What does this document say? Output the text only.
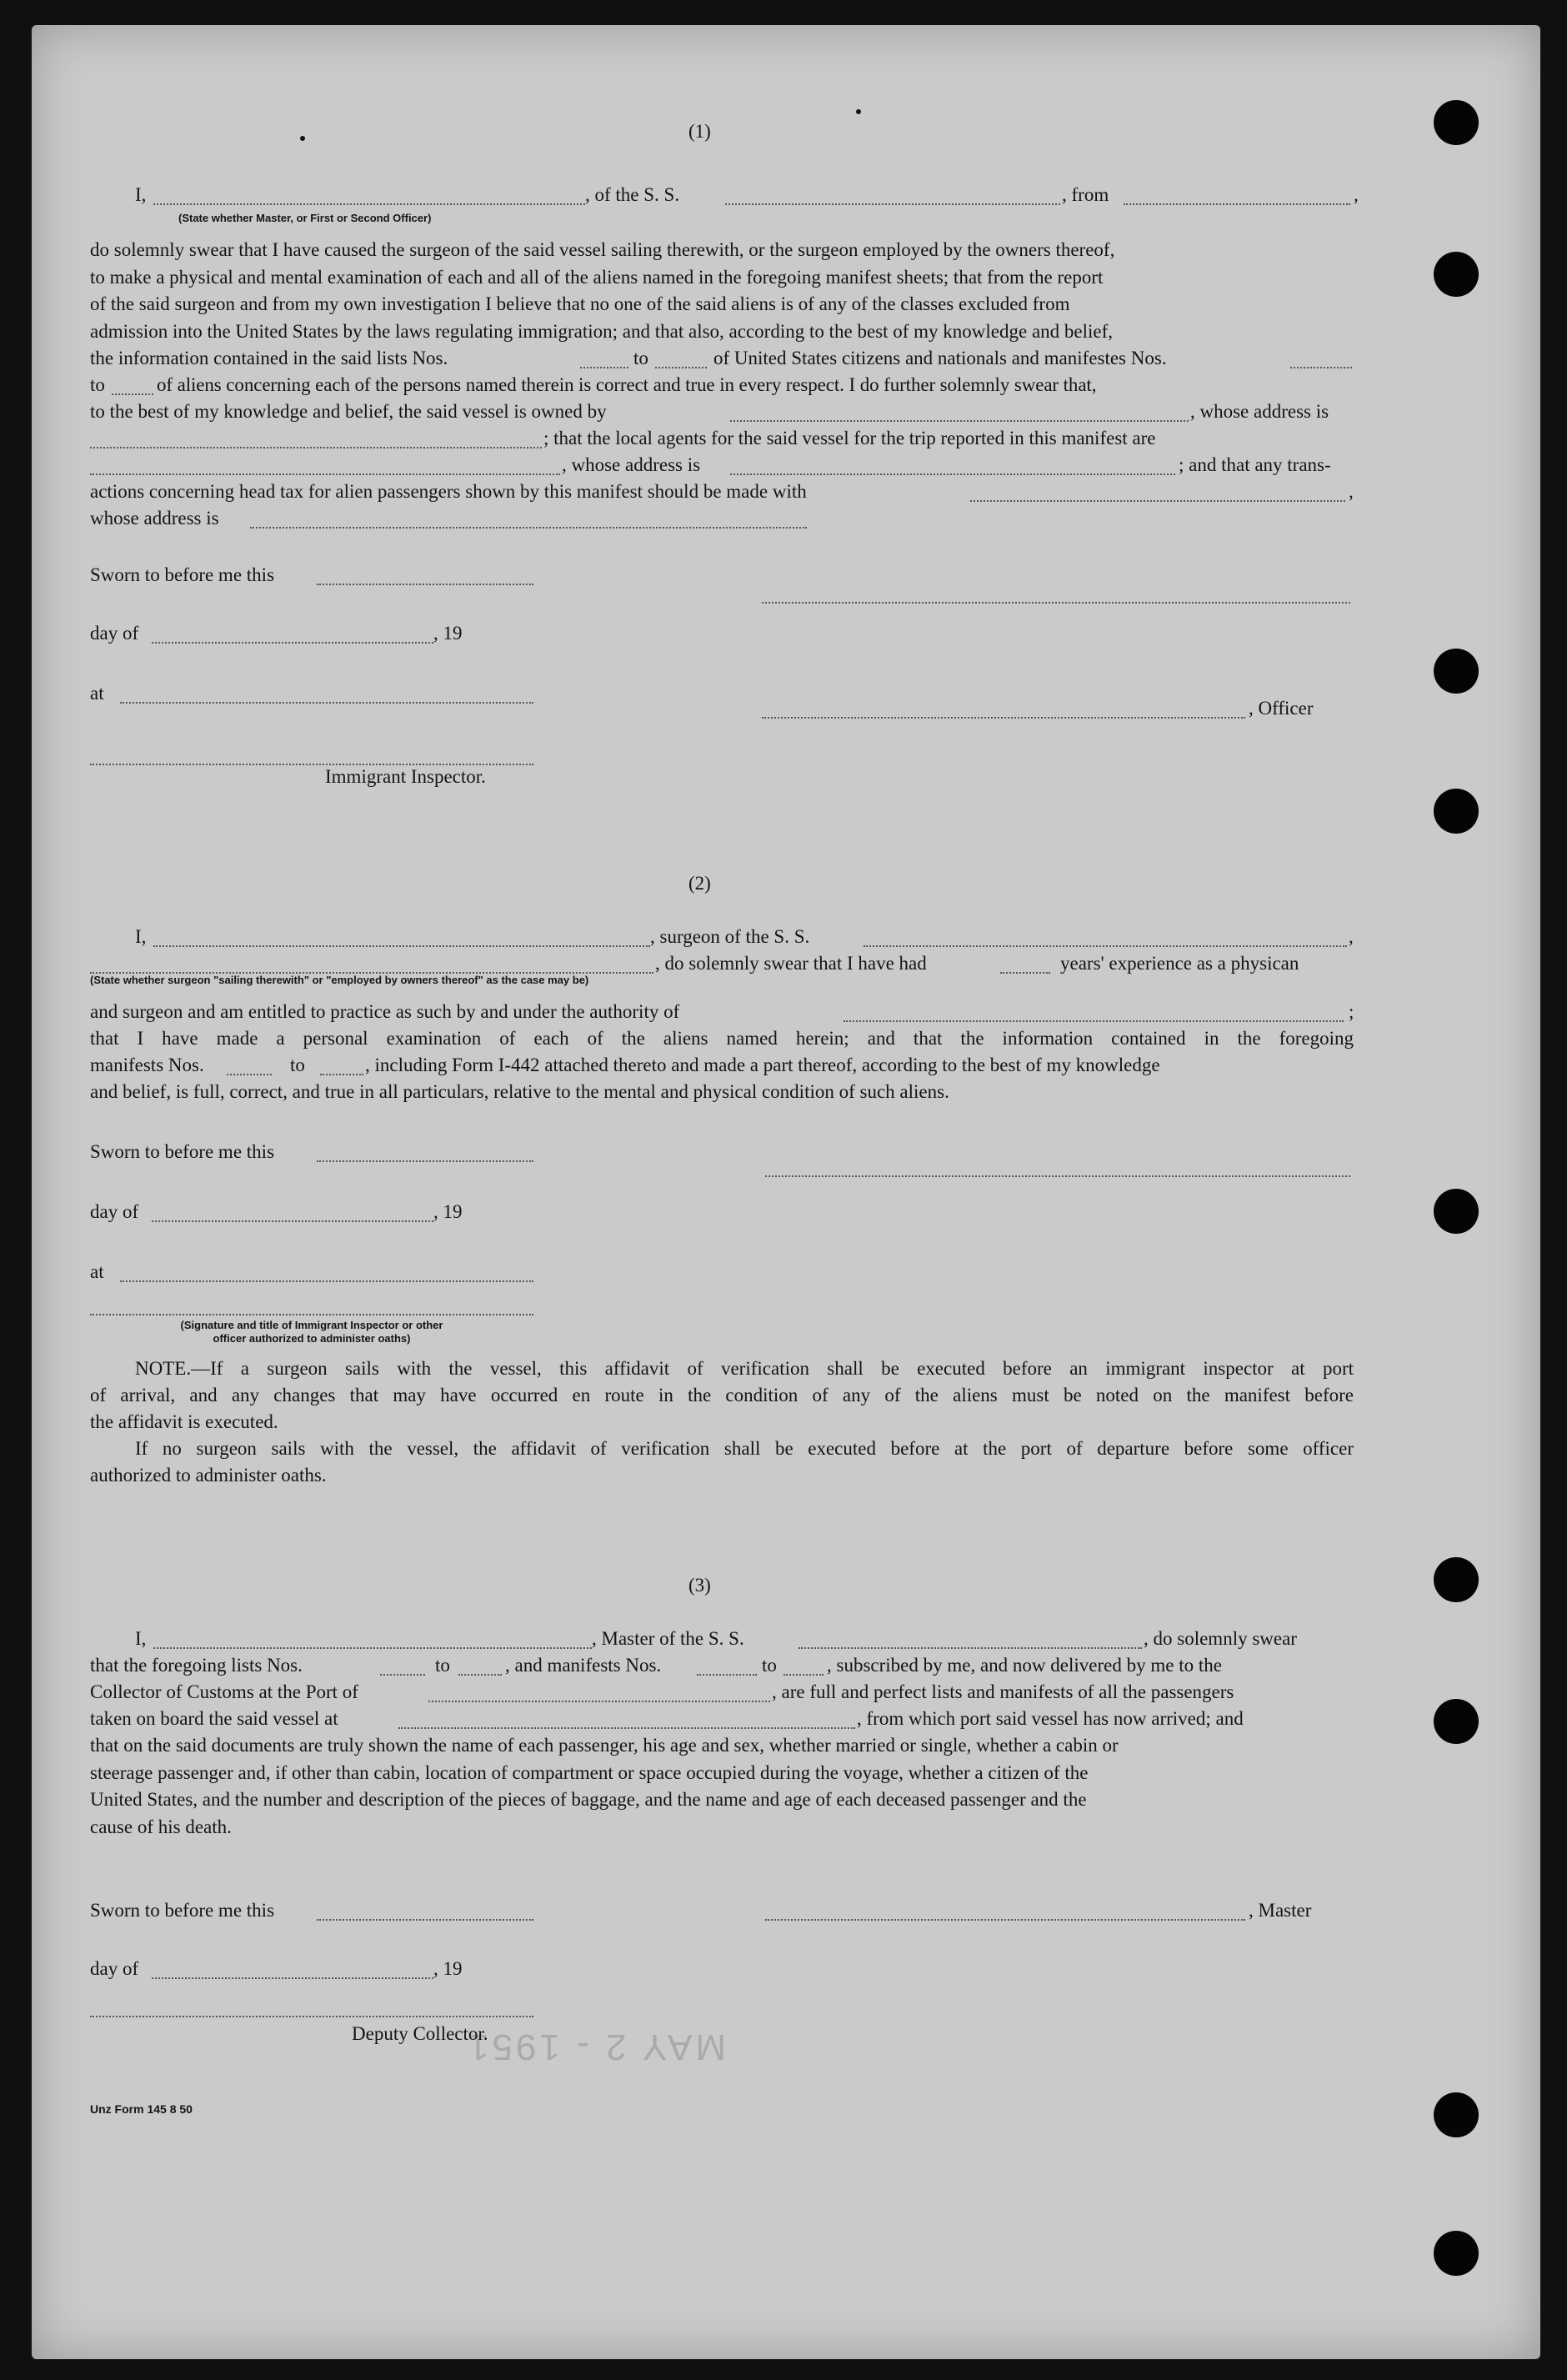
(1)
I,	, of the S. S.	, from	,
(State whether Master, or First or Second Officer)
do solemnly swear that I have caused the surgeon of the said vessel sailing therewith, or the surgeon employed by the owners thereof,
to make a physical and mental examination of each and all of the aliens named in the foregoing manifest sheets; that from the report
of the said surgeon and from my own investigation I believe that no one of the said aliens is of any of the classes excluded from
admission into the United States by the laws regulating immigration; and that also, according to the best of my knowledge and belief,
the information contained in the said lists Nos.	to	of United States citizens and nationals and manifestes Nos.
to	of aliens concerning each of the persons named therein is correct and true in every respect. I do further solemnly swear that,
to the best of my knowledge and belief, the said vessel is owned by	, whose address is
; that the local agents for the said vessel for the trip reported in this manifest are
, whose address is	; and that any trans-
actions concerning head tax for alien passengers shown by this manifest should be made with	,
whose address is
Sworn to before me this
day of	, 19
at
, Officer
Immigrant Inspector.
(2)
I,	, surgeon of the S. S.	,
, do solemnly swear that I have had	years' experience as a physican
(State whether surgeon "sailing therewith" or "employed by owners thereof" as the case may be)
and surgeon and am entitled to practice as such by and under the authority of	;
that I have made a personal examination of each of the aliens named herein; and that the information contained in the foregoing
manifests Nos.	to	, including Form I-442 attached thereto and made a part thereof, according to the best of my knowledge
and belief, is full, correct, and true in all particulars, relative to the mental and physical condition of such aliens.
Sworn to before me this
day of	, 19
at
(Signature and title of Immigrant Inspector or other
officer authorized to administer oaths)
NOTE.—If a surgeon sails with the vessel, this affidavit of verification shall be executed before an immigrant inspector at port
of arrival, and any changes that may have occurred en route in the condition of any of the aliens must be noted on the manifest before
the affidavit is executed.
If no surgeon sails with the vessel, the affidavit of verification shall be executed before at the port of departure before some officer
authorized to administer oaths.
(3)
I,	, Master of the S. S.	, do solemnly swear
that the foregoing lists Nos.	to	, and manifests Nos.	to	, subscribed by me, and now delivered by me to the
Collector of Customs at the Port of	, are full and perfect lists and manifests of all the passengers
taken on board the said vessel at	, from which port said vessel has now arrived; and
that on the said documents are truly shown the name of each passenger, his age and sex, whether married or single, whether a cabin or
steerage passenger and, if other than cabin, location of compartment or space occupied during the voyage, whether a citizen of the
United States, and the number and description of the pieces of baggage, and the name and age of each deceased passenger and the
cause of his death.
Sworn to before me this	, Master
day of	, 19
Deputy Collector.
MAY 2 - 1951
Unz Form 145 8 50
